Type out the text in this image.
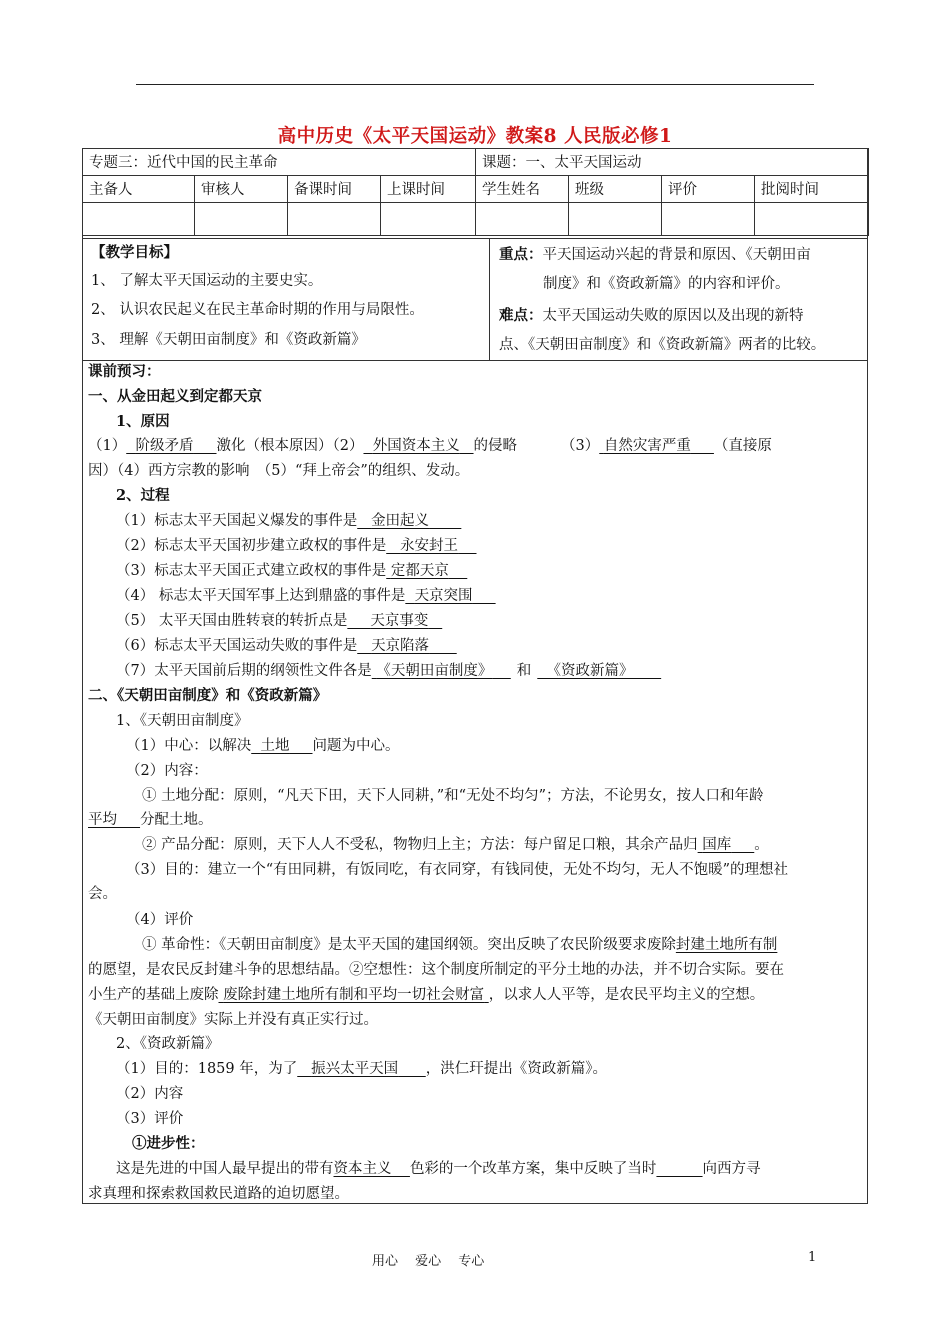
高中历史《太平天国运动》教案8 人民版必修1
专题三：近代中国的民主革命				课题：一、太平天国运动			
主备人	审核人	备课时间	上课时间	学生姓名	班级	评价	批阅时间

【教学目标】
1、 了解太平天国运动的主要史实。
2、 认识农民起义在民主革命时期的作用与局限性。
3、 理解《天朝田亩制度》和《资政新篇》
重点：平天国运动兴起的背景和原因、《天朝田亩
制度》和《资政新篇》的内容和评价。
难点：太平天国运动失败的原因以及出现的新特
点、《天朝田亩制度》和《资政新篇》两者的比较。
课前预习：
一、从金田起义到定都天京
1、原因
（1） 阶级矛盾 激化（根本原因）（2） 外国资本主义 的侵略	（3） 自然灾害严重 （直接原
因）（4）西方宗教的影响　（5）“拜上帝会”的组织、发动。
2、过程
（1）标志太平天国起义爆发的事件是 金田起义
（2）标志太平天国初步建立政权的事件是 永安封王
（3）标志太平天国正式建立政权的事件是 定都天京
（4） 标志太平天国军事上达到鼎盛的事件是 天京突围
（5） 太平天国由胜转衰的转折点是 天京事变
（6）标志太平天国运动失败的事件是 天京陷落
（7）太平天国前后期的纲领性文件各是 《天朝田亩制度》 和 《资政新篇》
二、《天朝田亩制度》和《资政新篇》
1、《天朝田亩制度》
（1）中心：以解决 土地 问题为中心。
（2）内容：
① 土地分配：原则，“凡天下田，天下人同耕，”和“无处不均匀”；方法，不论男女，按人口和年龄
平均 分配土地。
② 产品分配：原则，天下人人不受私，物物归上主；方法：每户留足口粮，其余产品归 国库 。
（3）目的：建立一个“有田同耕，有饭同吃，有衣同穿，有钱同使，无处不均匀，无人不饱暖”的理想社
会。
（4）评价
① 革命性：《天朝田亩制度》是太平天国的建国纲领。突出反映了农民阶级要求废除封建土地所有制
的愿望，是农民反封建斗争的思想结晶。②空想性：这个制度所制定的平分土地的办法，并不切合实际。要在
小生产的基础上废除 废除封建土地所有制和平均一切社会财富 ，以求人人平等，是农民平均主义的空想。
《天朝田亩制度》实际上并没有真正实行过。
2、《资政新篇》
（1）目的：1859 年，为了 振兴太平天国 ，洪仁玕提出《资政新篇》。
（2）内容
（3）评价
①进步性：
这是先进的中国人最早提出的带有资本主义 色彩的一个改革方案，集中反映了当时	向西方寻
求真理和探索救国救民道路的迫切愿望。
用心　 爱心　 专心	1
